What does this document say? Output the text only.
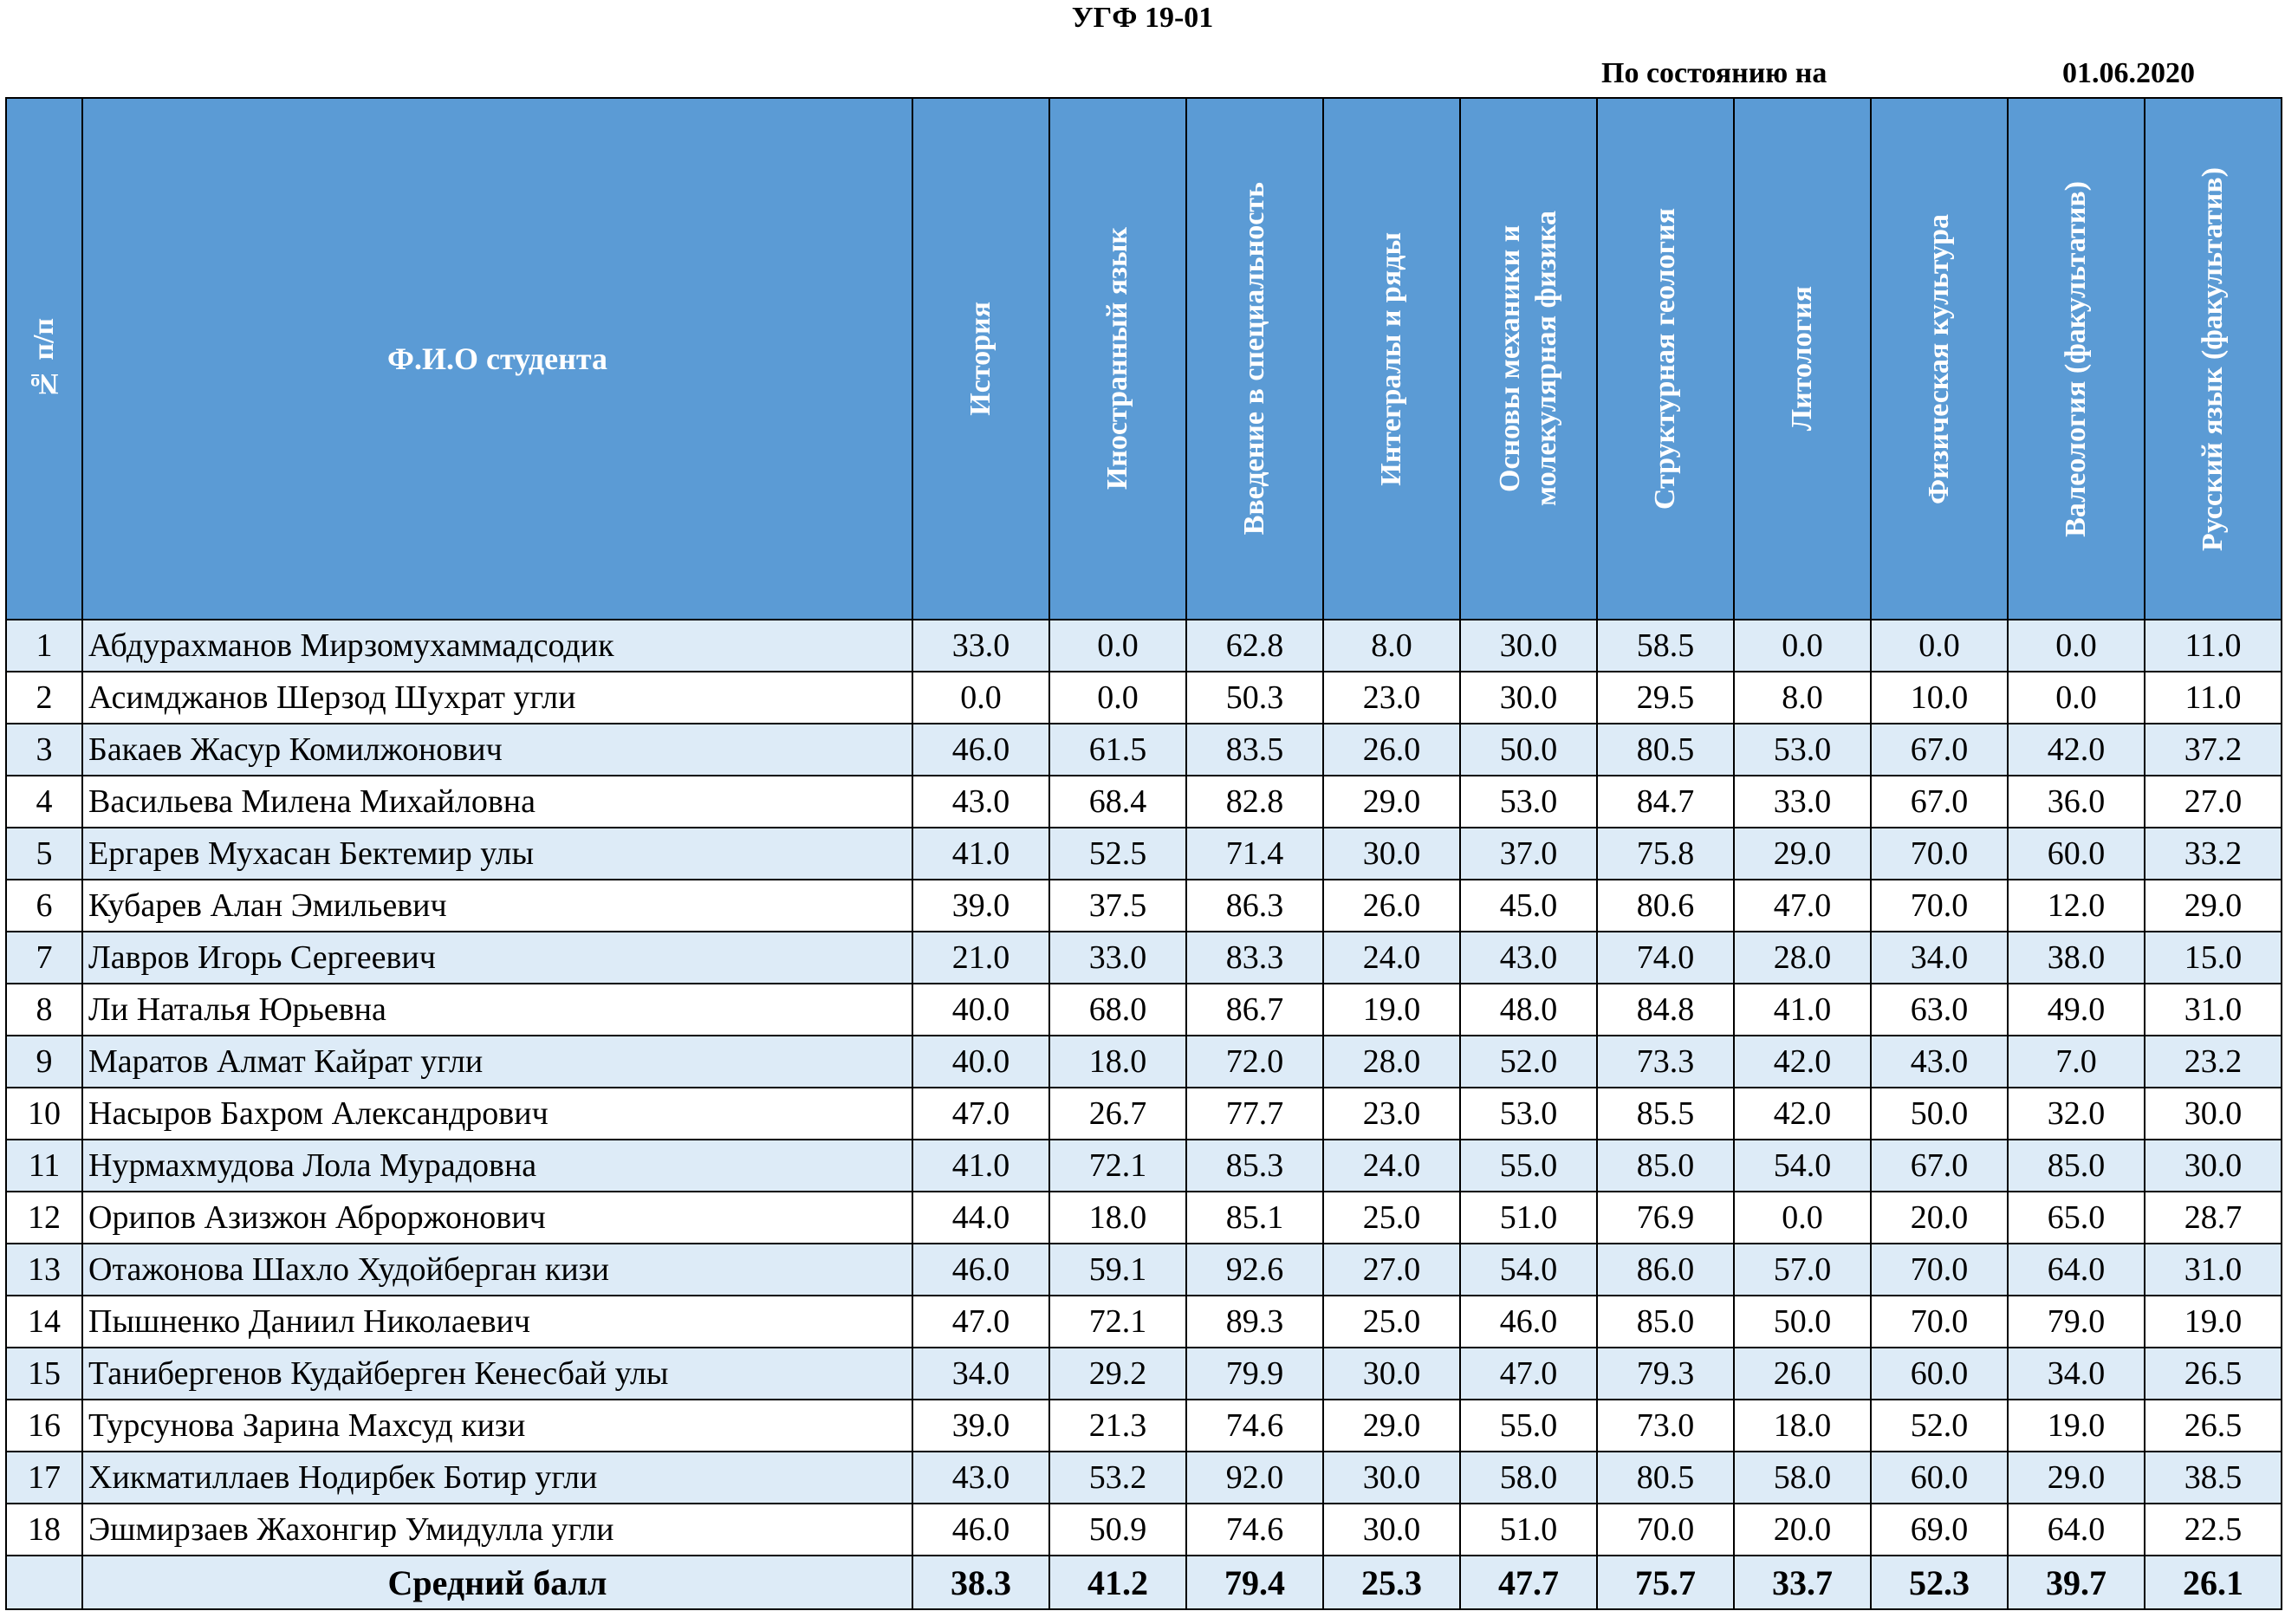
УГФ 19-01
По состоянию на	01.06.2020
№ п/п	Ф.И.О студента	История	Иностранный язык	Введение в специальность	Интегралы и ряды	Основы механики и молекулярная физика	Структурная геология	Литология	Физическая культура	Валеология (факультатив)	Русский язык (факультатив)

1	Абдурахманов Мирзомухаммадсодик	33.0	0.0	62.8	8.0	30.0	58.5	0.0	0.0	0.0	11.0
2	Асимджанов Шерзод Шухрат угли	0.0	0.0	50.3	23.0	30.0	29.5	8.0	10.0	0.0	11.0
3	Бакаев Жасур Комилжонович	46.0	61.5	83.5	26.0	50.0	80.5	53.0	67.0	42.0	37.2
4	Васильева Милена Михайловна	43.0	68.4	82.8	29.0	53.0	84.7	33.0	67.0	36.0	27.0
5	Ергарев Мухасан Бектемир улы	41.0	52.5	71.4	30.0	37.0	75.8	29.0	70.0	60.0	33.2
6	Кубарев Алан Эмильевич	39.0	37.5	86.3	26.0	45.0	80.6	47.0	70.0	12.0	29.0
7	Лавров Игорь Сергеевич	21.0	33.0	83.3	24.0	43.0	74.0	28.0	34.0	38.0	15.0
8	Ли Наталья Юрьевна	40.0	68.0	86.7	19.0	48.0	84.8	41.0	63.0	49.0	31.0
9	Маратов Алмат Кайрат угли	40.0	18.0	72.0	28.0	52.0	73.3	42.0	43.0	7.0	23.2
10	Насыров Бахром Александрович	47.0	26.7	77.7	23.0	53.0	85.5	42.0	50.0	32.0	30.0
11	Нурмахмудова Лола Мурадовна	41.0	72.1	85.3	24.0	55.0	85.0	54.0	67.0	85.0	30.0
12	Орипов Азизжон Аброржонович	44.0	18.0	85.1	25.0	51.0	76.9	0.0	20.0	65.0	28.7
13	Отажонова Шахло Худойберган кизи	46.0	59.1	92.6	27.0	54.0	86.0	57.0	70.0	64.0	31.0
14	Пышненко Даниил Николаевич	47.0	72.1	89.3	25.0	46.0	85.0	50.0	70.0	79.0	19.0
15	Танибергенов Кудайберген Кенесбай улы	34.0	29.2	79.9	30.0	47.0	79.3	26.0	60.0	34.0	26.5
16	Турсунова Зарина Махсуд кизи	39.0	21.3	74.6	29.0	55.0	73.0	18.0	52.0	19.0	26.5
17	Хикматиллаев Нодирбек Ботир угли	43.0	53.2	92.0	30.0	58.0	80.5	58.0	60.0	29.0	38.5
18	Эшмирзаев Жахонгир Умидулла угли	46.0	50.9	74.6	30.0	51.0	70.0	20.0	69.0	64.0	22.5
	Средний балл	38.3	41.2	79.4	25.3	47.7	75.7	33.7	52.3	39.7	26.1
